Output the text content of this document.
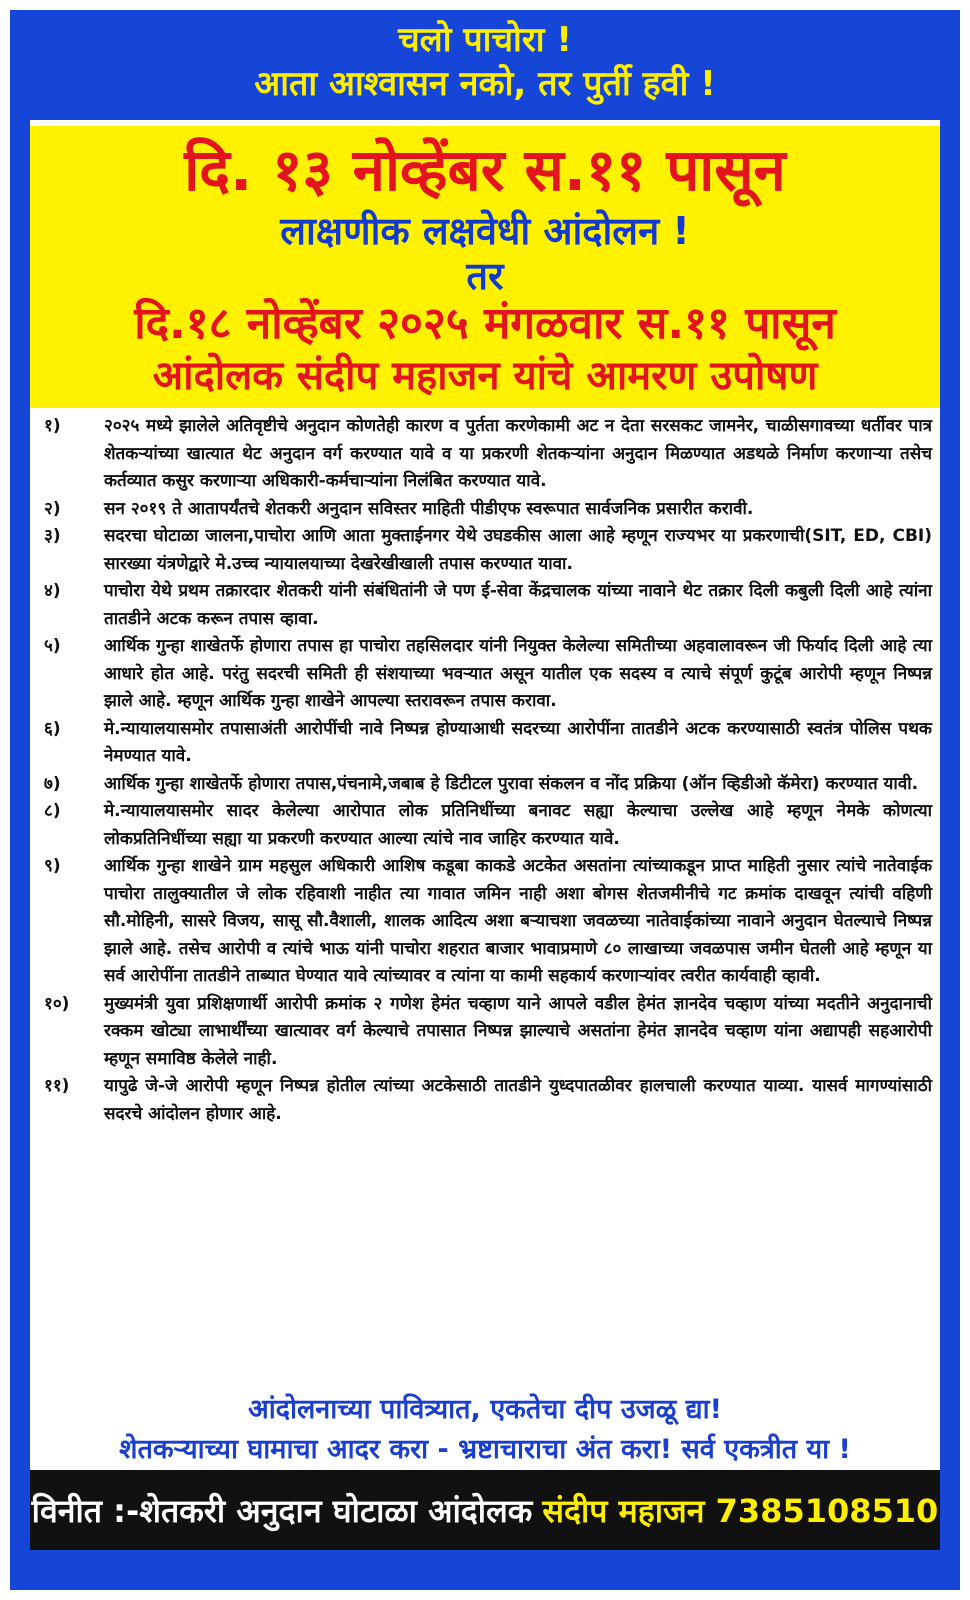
चलो पाचोरा !
आता आश्वासन नको, तर पुर्ती हवी !
दि. १३ नोव्हेंबर स.११ पासून
लाक्षणीक लक्षवेधी आंदोलन !
तर
दि.१८ नोव्हेंबर २०२५ मंगळवार स.११ पासून
आंदोलक संदीप महाजन यांचे आमरण उपोषण
१)	२०२५ मध्ये झालेले अतिवृष्टीचे अनुदान कोणतेही कारण व पुर्तता करणेकामी अट न देता सरसकट जामनेर, चाळीसगावच्या धर्तीवर पात्र शेतकऱ्यांच्या खात्यात थेट अनुदान वर्ग करण्यात यावे व या प्रकरणी शेतकऱ्यांना अनुदान मिळण्यात अडथळे निर्माण करणाऱ्या तसेच कर्तव्यात कसुर करणाऱ्या अधिकारी-कर्मचाऱ्यांना निलंबित करण्यात यावे.
२)	सन २०१९ ते आतापर्यंतचे शेतकरी अनुदान सविस्तर माहिती पीडीएफ स्वरूपात सार्वजनिक प्रसारीत करावी.
३)	सदरचा घोटाळा जालना,पाचोरा आणि आता मुक्ताईनगर येथे उघडकीस आला आहे म्हणून राज्यभर या प्रकरणाची(SIT, ED, CBI) सारख्या यंत्रणेद्वारे मे.उच्च न्यायालयाच्या देखरेखीखाली तपास करण्यात यावा.
४)	पाचोरा येथे प्रथम तक्रारदार शेतकरी यांनी संबंधितांनी जे पण ई-सेवा केंद्रचालक यांच्या नावाने थेट तक्रार दिली कबुली दिली आहे त्यांना तातडीने अटक करून तपास व्हावा.
५)	आर्थिक गुन्हा शाखेतर्फे होणारा तपास हा पाचोरा तहसिलदार यांनी नियुक्त केलेल्या समितीच्या अहवालावरून जी फिर्याद दिली आहे त्या आधारे होत आहे. परंतु सदरची समिती ही संशयाच्या भवऱ्यात असून यातील एक सदस्य व त्याचे संपूर्ण कुटूंब आरोपी म्हणून निष्पन्न झाले आहे. म्हणून आर्थिक गुन्हा शाखेने आपल्या स्तरावरून तपास करावा.
६)	मे.न्यायालयासमोर तपासाअंती आरोपींची नावे निष्पन्न होण्याआधी सदरच्या आरोपींना तातडीने अटक करण्यासाठी स्वतंत्र पोलिस पथक नेमण्यात यावे.
७)	आर्थिक गुन्हा शाखेतर्फे होणारा तपास,पंचनामे,जबाब हे डिटीटल पुरावा संकलन व नोंद प्रक्रिया (ऑन व्हिडीओ कॅमेरा) करण्यात यावी.
८)	मे.न्यायालयासमोर सादर केलेल्या आरोपात लोक प्रतिनिधींच्या बनावट सह्या केल्याचा उल्लेख आहे म्हणून नेमके कोणत्या लोकप्रतिनिधींच्या सह्या या प्रकरणी करण्यात आल्या त्यांचे नाव जाहिर करण्यात यावे.
९)	आर्थिक गुन्हा शाखेने ग्राम महसुल अधिकारी आशिष कडूबा काकडे अटकेत असतांना त्यांच्याकडून प्राप्त माहिती नुसार त्यांचे नातेवाईक पाचोरा तालुक्यातील जे लोक रहिवाशी नाहीत त्या गावात जमिन नाही अशा बोगस शेतजमीनीचे गट क्रमांक दाखवून त्यांची वहिणी सौ.मोहिनी, सासरे विजय, सासू सौ.वैशाली, शालक आदित्य अशा बऱ्याचशा जवळच्या नातेवाईकांच्या नावाने अनुदान घेतल्याचे निष्पन्न झाले आहे. तसेच आरोपी व त्यांचे भाऊ यांनी पाचोरा शहरात बाजार भावाप्रमाणे ८० लाखाच्या जवळपास जमीन घेतली आहे म्हणून या सर्व आरोपींना तातडीने ताब्यात घेण्यात यावे त्यांच्यावर व त्यांना या कामी सहकार्य करणाऱ्यांवर त्वरीत कार्यवाही व्हावी.
१०)	मुख्यमंत्री युवा प्रशिक्षणार्थी आरोपी क्रमांक २ गणेश हेमंत चव्हाण याने आपले वडील हेमंत ज्ञानदेव चव्हाण यांच्या मदतीने अनुदानाची रक्कम खोट्या लाभार्थींच्या खात्यावर वर्ग केल्याचे तपासात निष्पन्न झाल्याचे असतांना हेमंत ज्ञानदेव चव्हाण यांना अद्यापही सहआरोपी म्हणून समाविष्ठ केलेले नाही.
११)	यापुढे जे-जे आरोपी म्हणून निष्पन्न होतील त्यांच्या अटकेसाठी तातडीने युध्दपातळीवर हालचाली करण्यात याव्या. यासर्व मागण्यांसाठी सदरचे आंदोलन होणार आहे.
आंदोलनाच्या पावित्र्यात, एकतेचा दीप उजळू द्या!
शेतकऱ्याच्या घामाचा आदर करा - भ्रष्टाचाराचा अंत करा! सर्व एकत्रीत या !
विनीत :-शेतकरी अनुदान घोटाळा आंदोलक संदीप महाजन 7385108510
